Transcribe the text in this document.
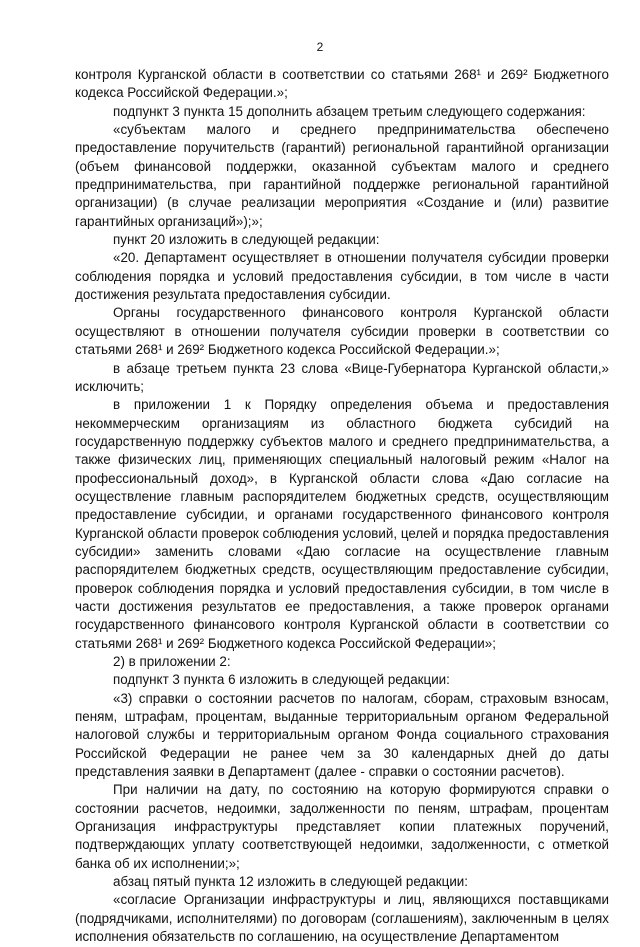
2

контроля Курганской области в соответствии со статьями 268¹ и 269² Бюджетного кодекса Российской Федерации.»;

подпункт 3 пункта 15 дополнить абзацем третьим следующего содержания:

«субъектам малого и среднего предпринимательства обеспечено предоставление поручительств (гарантий) региональной гарантийной организации (объем финансовой поддержки, оказанной субъектам малого и среднего предпринимательства, при гарантийной поддержке региональной гарантийной организации) (в случае реализации мероприятия «Создание и (или) развитие гарантийных организаций»);»;

пункт 20 изложить в следующей редакции:

«20. Департамент осуществляет в отношении получателя субсидии проверки соблюдения порядка и условий предоставления субсидии, в том числе в части достижения результата предоставления субсидии.

Органы государственного финансового контроля Курганской области осуществляют в отношении получателя субсидии проверки в соответствии со статьями 268¹ и 269² Бюджетного кодекса Российской Федерации.»;

в абзаце третьем пункта 23 слова «Вице-Губернатора Курганской области,» исключить;

в приложении 1 к Порядку определения объема и предоставления некоммерческим организациям из областного бюджета субсидий на государственную поддержку субъектов малого и среднего предпринимательства, а также физических лиц, применяющих специальный налоговый режим «Налог на профессиональный доход», в Курганской области слова «Даю согласие на осуществление главным распорядителем бюджетных средств, осуществляющим предоставление субсидии, и органами государственного финансового контроля Курганской области проверок соблюдения условий, целей и порядка предоставления субсидии» заменить словами «Даю согласие на осуществление главным распорядителем бюджетных средств, осуществляющим предоставление субсидии, проверок соблюдения порядка и условий предоставления субсидии, в том числе в части достижения результатов ее предоставления, а также проверок органами государственного финансового контроля Курганской области в соответствии со статьями 268¹ и 269² Бюджетного кодекса Российской Федерации»;

2) в приложении 2:

подпункт 3 пункта 6 изложить в следующей редакции:

«3) справки о состоянии расчетов по налогам, сборам, страховым взносам, пеням, штрафам, процентам, выданные территориальным органом Федеральной налоговой службы и территориальным органом Фонда социального страхования Российской Федерации не ранее чем за 30 календарных дней до даты представления заявки в Департамент (далее - справки о состоянии расчетов).

При наличии на дату, по состоянию на которую формируются справки о состоянии расчетов, недоимки, задолженности по пеням, штрафам, процентам Организация инфраструктуры представляет копии платежных поручений, подтверждающих уплату соответствующей недоимки, задолженности, с отметкой банка об их исполнении;»;

абзац пятый пункта 12 изложить в следующей редакции:

«согласие Организации инфраструктуры и лиц, являющихся поставщиками (подрядчиками, исполнителями) по договорам (соглашениям), заключенным в целях исполнения обязательств по соглашению, на осуществление Департаментом
